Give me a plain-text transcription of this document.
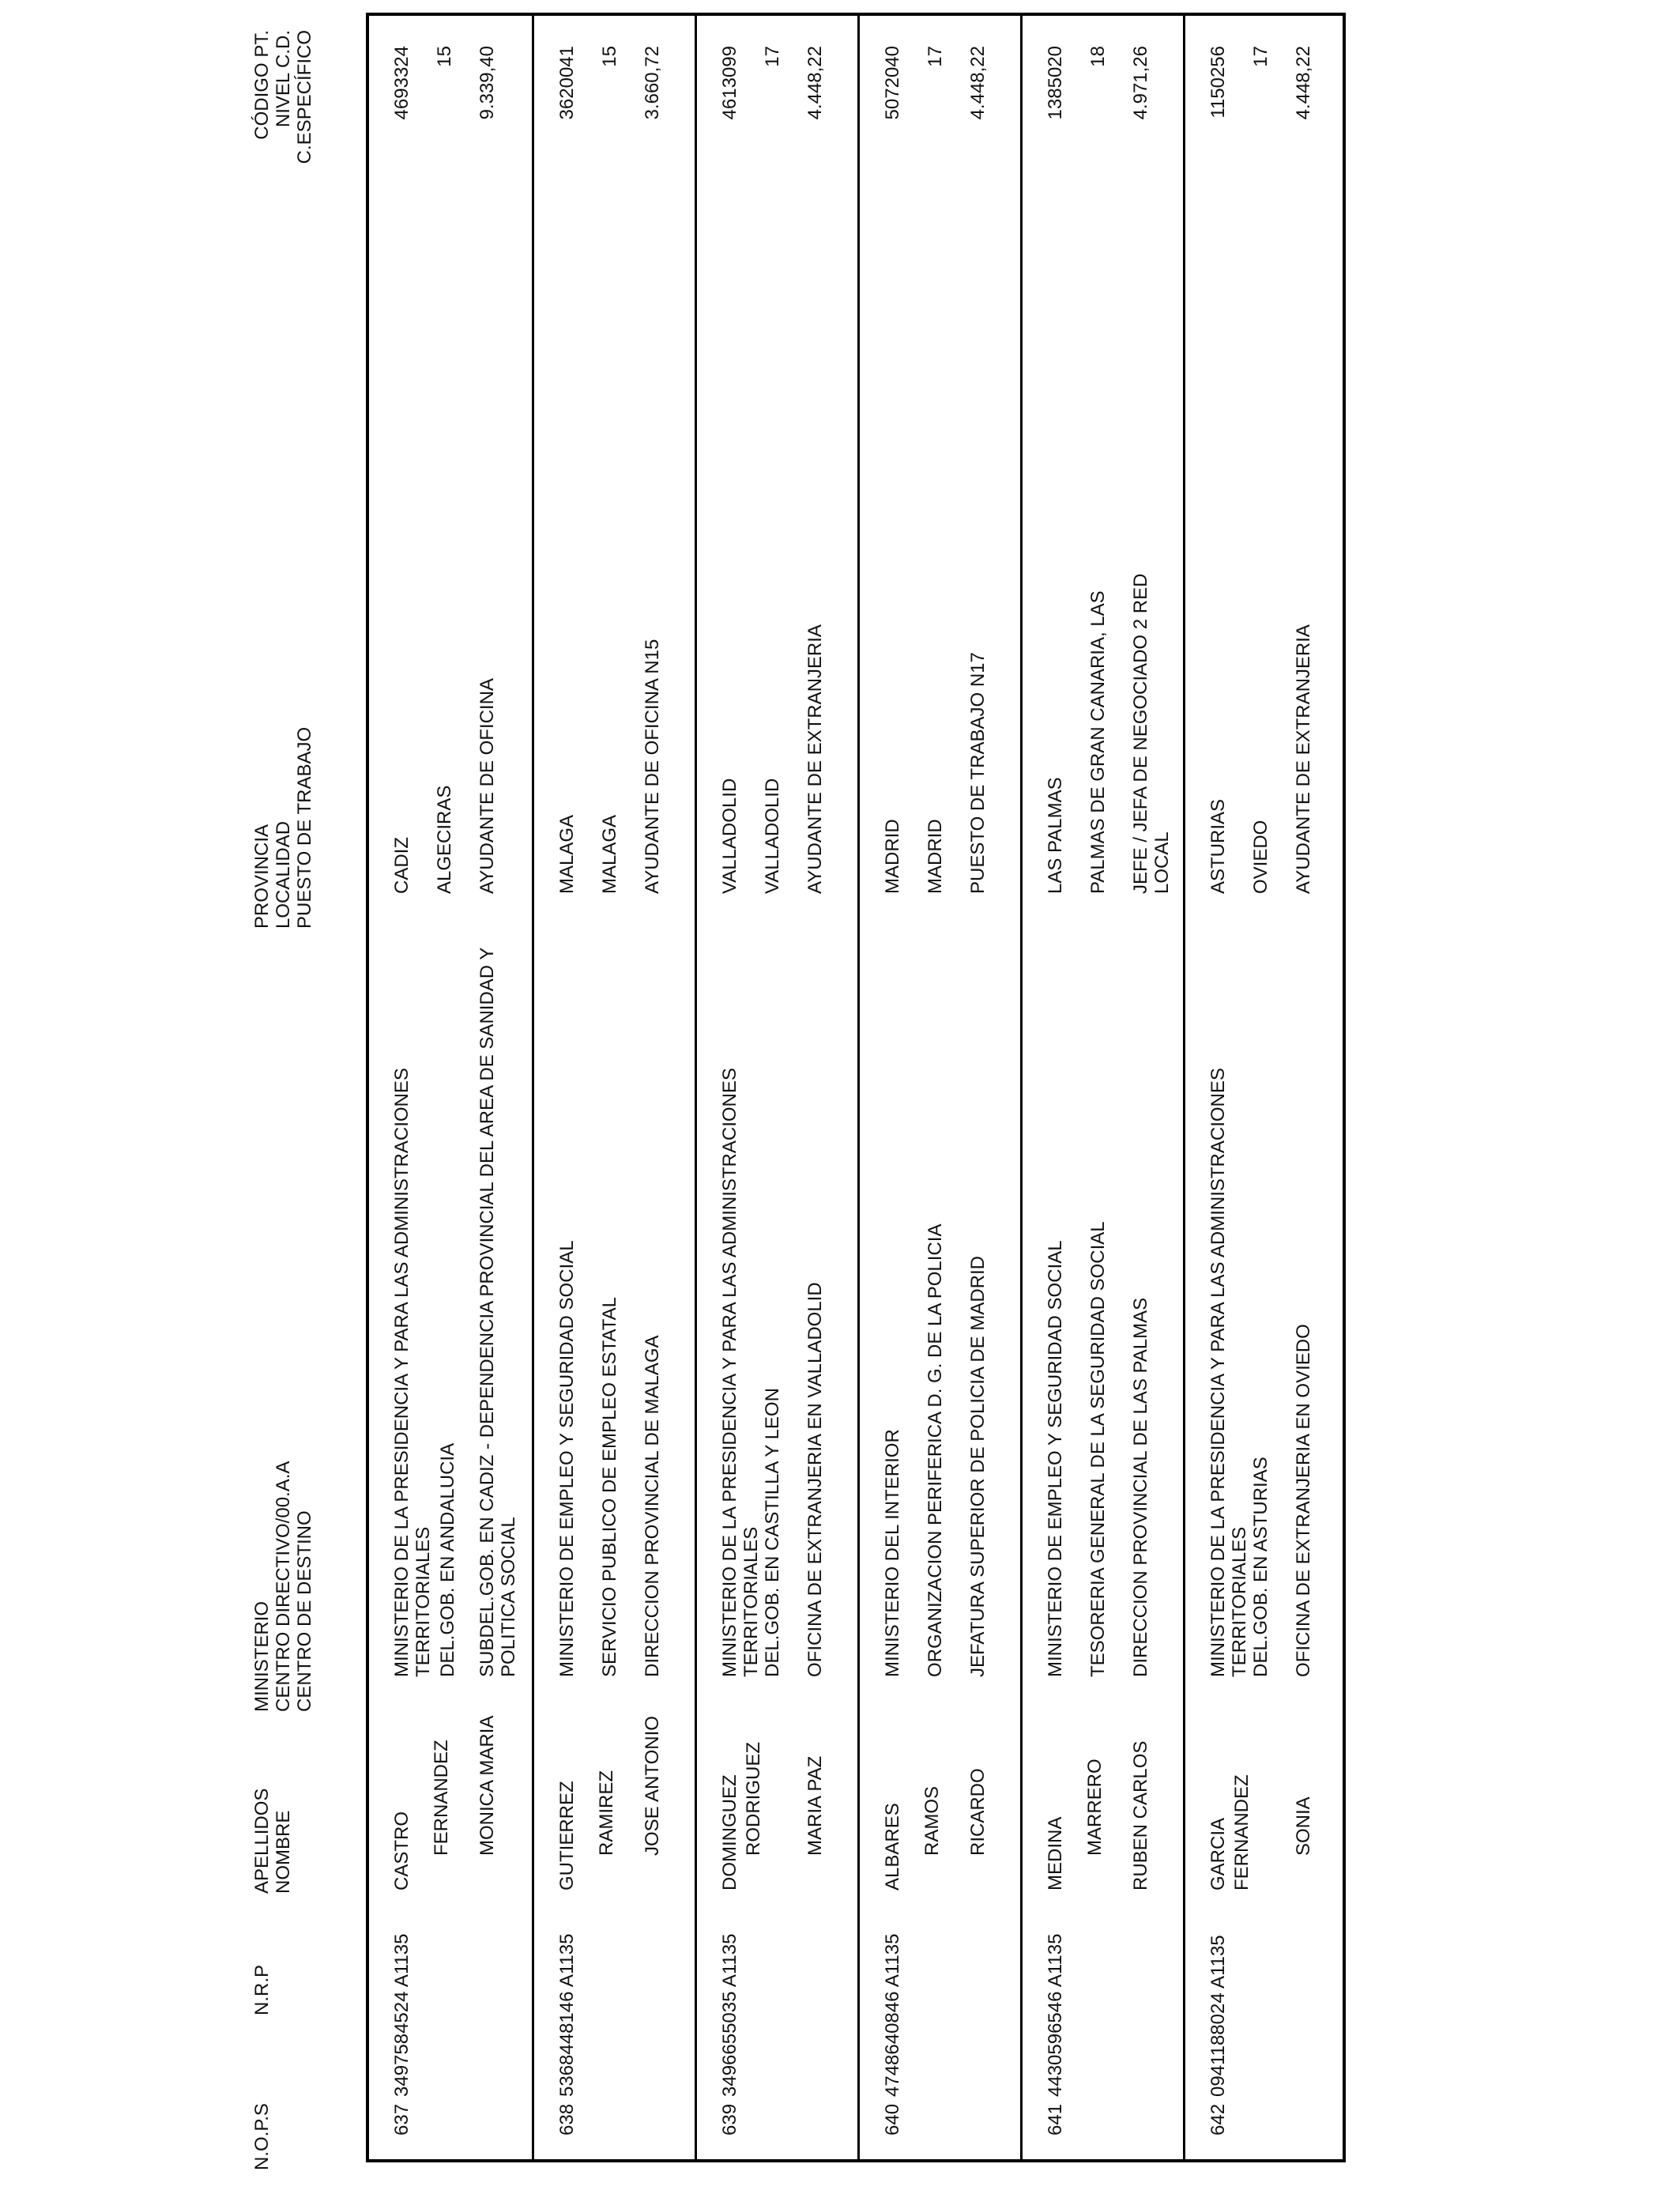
N.O.P.S
N.R.P
APELLIDOS NOMBRE
MINISTERIO CENTRO DIRECTIVO/00.A.A CENTRO DE DESTINO
PROVINCIA LOCALIDAD PUESTO DE TRABAJO
CÓDIGO PT. NIVEL C.D. C.ESPECÍFICO
637
3497584524 A1135
CASTRO FERNANDEZ MONICA MARIA
MINISTERIO DE LA PRESIDENCIA Y PARA LAS ADMINISTRACIONES TERRITORIALES DEL.GOB. EN ANDALUCIA SUBDEL.GOB. EN CADIZ - DEPENDENCIA PROVINCIAL DEL AREA DE SANIDAD Y POLITICA SOCIAL
CADIZ ALGECIRAS AYUDANTE DE OFICINA
4693324 15 9.339,40
638
5368448146 A1135
GUTIERREZ RAMIREZ JOSE ANTONIO
MINISTERIO DE EMPLEO Y SEGURIDAD SOCIAL SERVICIO PUBLICO DE EMPLEO ESTATAL DIRECCION PROVINCIAL DE MALAGA
MALAGA MALAGA AYUDANTE DE OFICINA N15
3620041 15 3.660,72
639
3496655035 A1135
DOMINGUEZ RODRIGUEZ MARIA PAZ
MINISTERIO DE LA PRESIDENCIA Y PARA LAS ADMINISTRACIONES TERRITORIALES DEL.GOB. EN CASTILLA Y LEON OFICINA DE EXTRANJERIA EN VALLADOLID
VALLADOLID VALLADOLID AYUDANTE DE EXTRANJERIA
4613099 17 4.448,22
640
4748640846 A1135
ALBARES RAMOS RICARDO
MINISTERIO DEL INTERIOR ORGANIZACION PERIFERICA D. G. DE LA POLICIA JEFATURA SUPERIOR DE POLICIA DE MADRID
MADRID MADRID PUESTO DE TRABAJO N17
5072040 17 4.448,22
641
4430596546 A1135
MEDINA MARRERO RUBEN CARLOS
MINISTERIO DE EMPLEO Y SEGURIDAD SOCIAL TESORERIA GENERAL DE LA SEGURIDAD SOCIAL DIRECCION PROVINCIAL DE LAS PALMAS
LAS PALMAS PALMAS DE GRAN CANARIA, LAS JEFE / JEFA DE NEGOCIADO 2 RED LOCAL
1385020 18 4.971,26
642
0941188024 A1135
GARCIA FERNANDEZ SONIA
MINISTERIO DE LA PRESIDENCIA Y PARA LAS ADMINISTRACIONES TERRITORIALES DEL.GOB. EN ASTURIAS OFICINA DE EXTRANJERIA EN OVIEDO
ASTURIAS OVIEDO AYUDANTE DE EXTRANJERIA
1150256 17 4.448,22
